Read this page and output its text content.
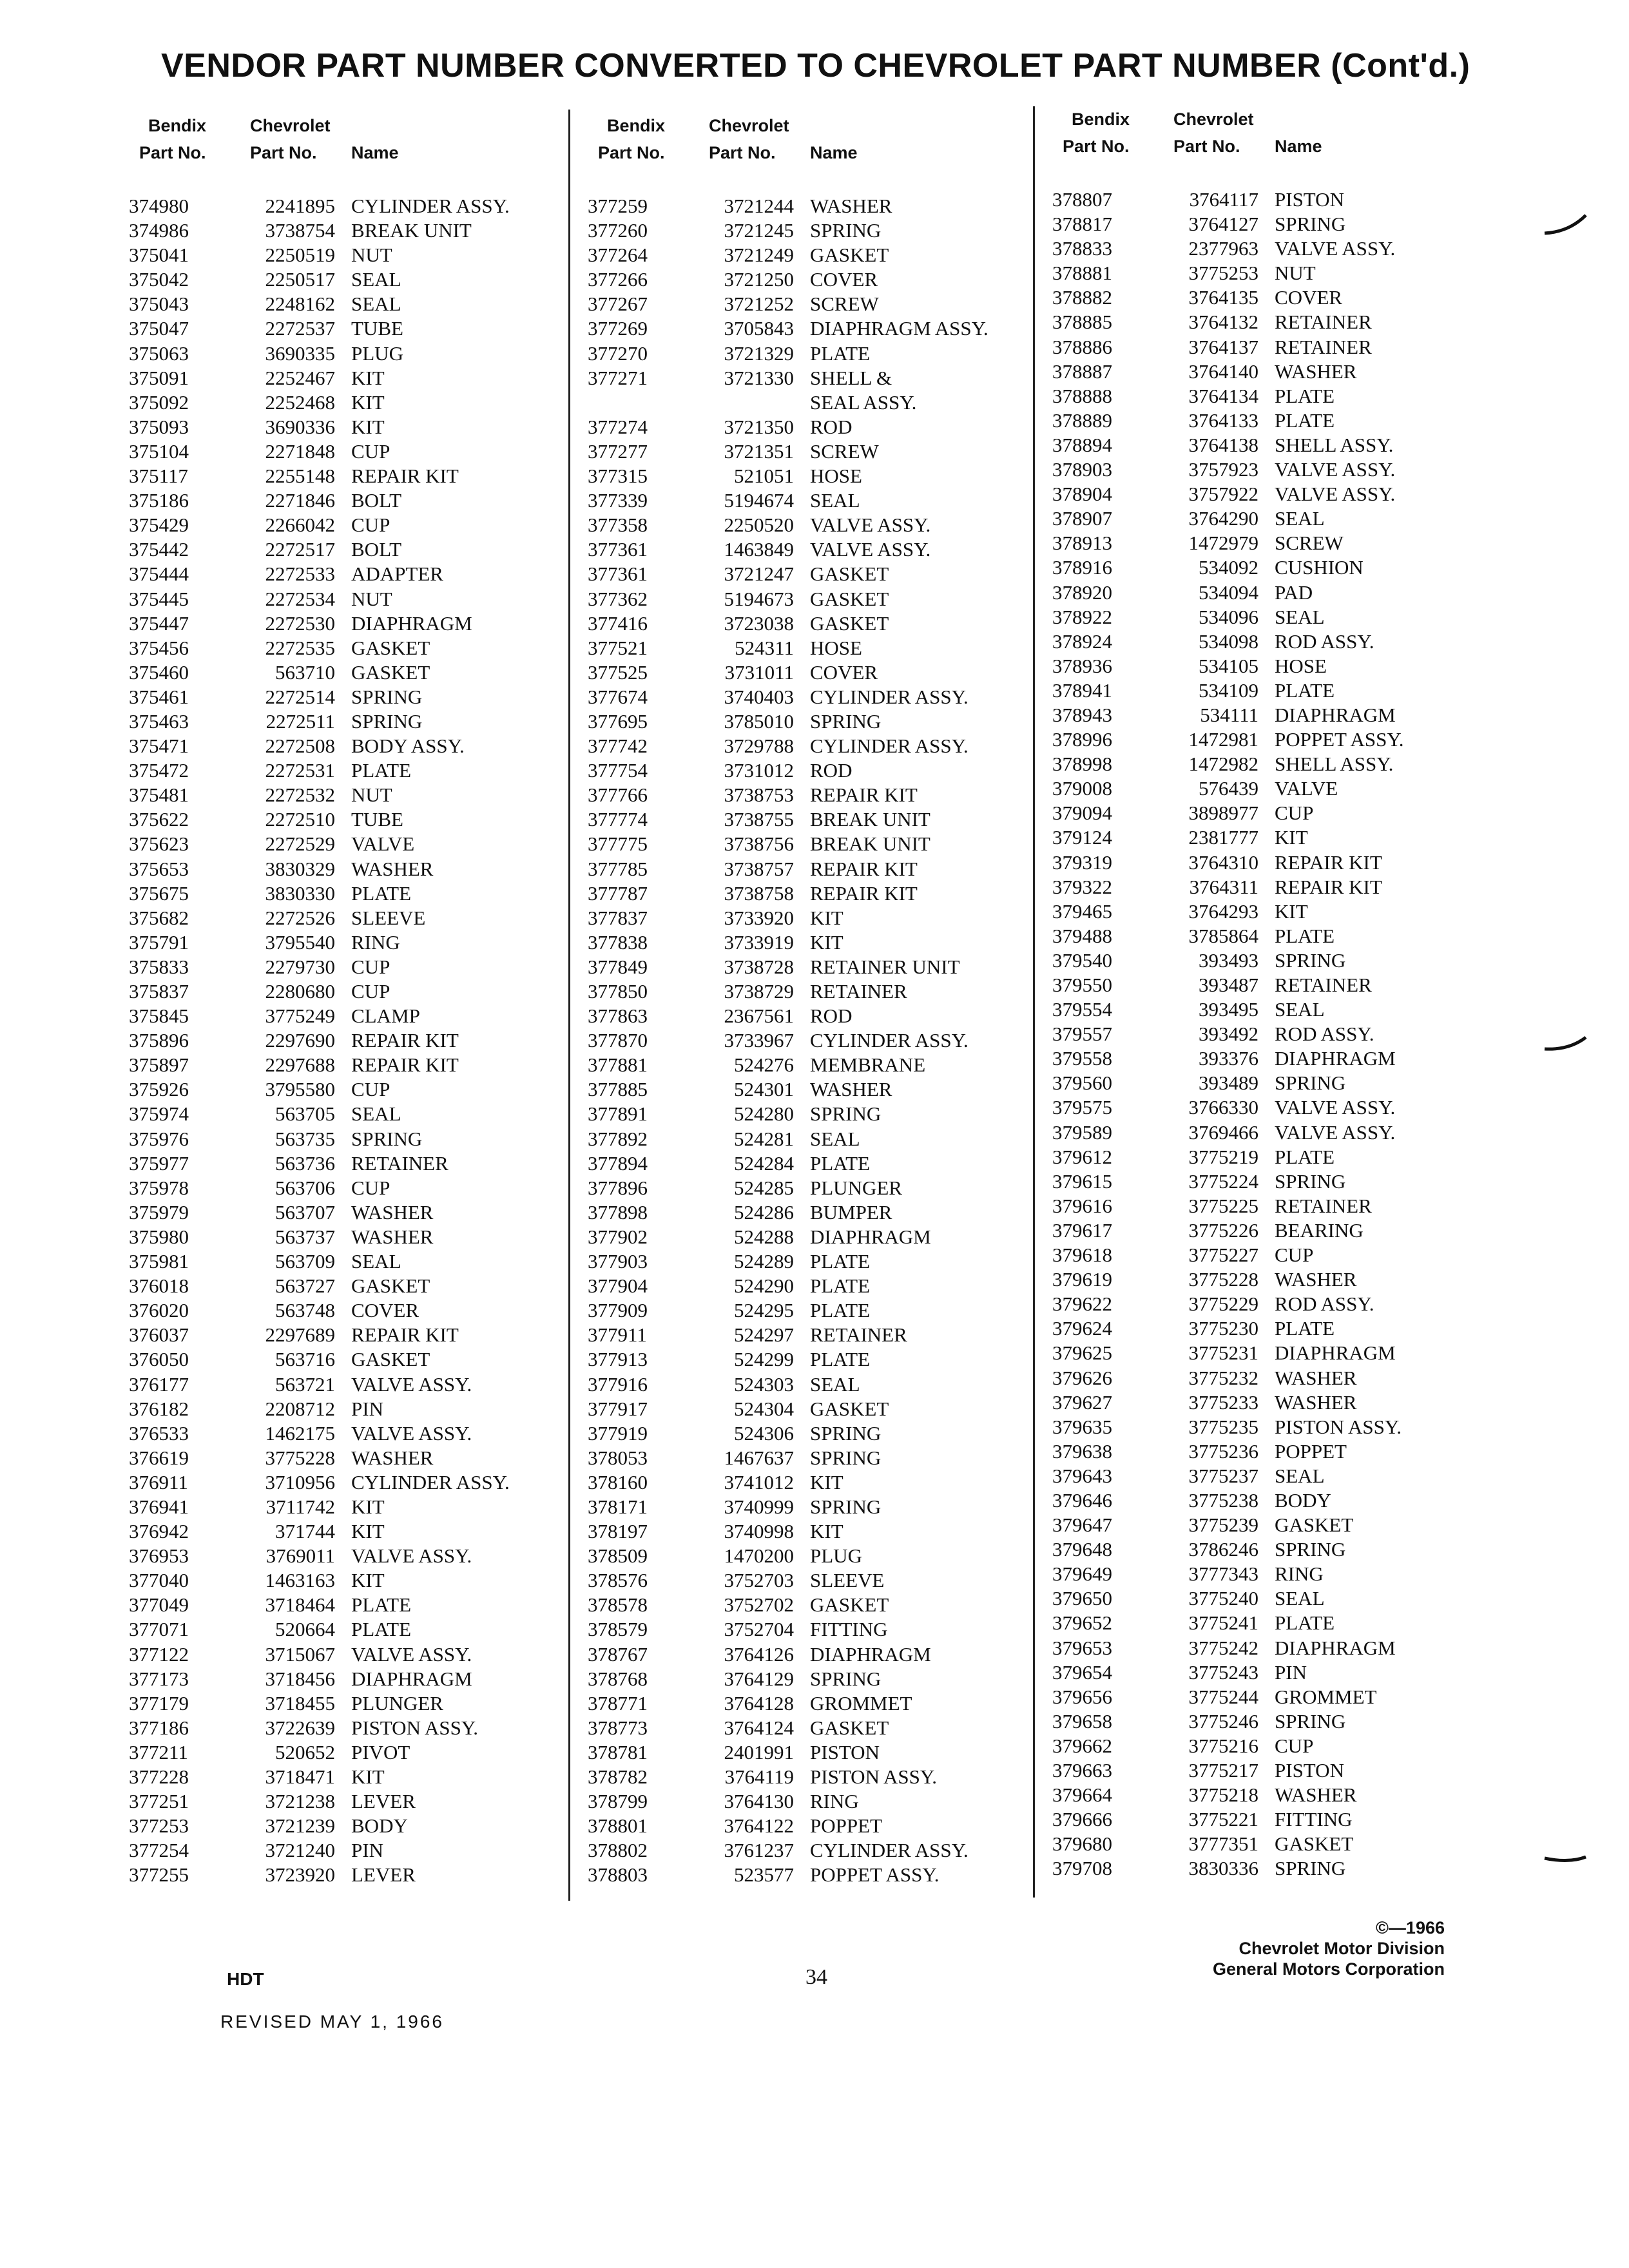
VENDOR PART NUMBER CONVERTED TO CHEVROLET PART NUMBER (Cont'd.)
Bendix
Part No.
Chevrolet
Part No. Name
374980	2241895 CYLINDER ASSY.
374986	3738754 BREAK UNIT
375041	2250519 NUT
375042	2250517 SEAL
375043	2248162 SEAL
375047	2272537 TUBE
375063	3690335 PLUG
375091	2252467 KIT
375092	2252468 KIT
375093	3690336 KIT
375104	2271848 CUP
375117	2255148 REPAIR KIT
375186	2271846 BOLT
375429	2266042 CUP
375442	2272517 BOLT
375444	2272533 ADAPTER
375445	2272534 NUT
375447	2272530 DIAPHRAGM
375456	2272535 GASKET
375460	563710 GASKET
375461	2272514 SPRING
375463	2272511 SPRING
375471	2272508 BODY ASSY.
375472	2272531 PLATE
375481	2272532 NUT
375622	2272510 TUBE
375623	2272529 VALVE
375653	3830329 WASHER
375675	3830330 PLATE
375682	2272526 SLEEVE
375791	3795540 RING
375833	2279730 CUP
375837	2280680 CUP
375845	3775249 CLAMP
375896	2297690 REPAIR KIT
375897	2297688 REPAIR KIT
375926	3795580 CUP
375974	563705 SEAL
375976	563735 SPRING
375977	563736 RETAINER
375978	563706 CUP
375979	563707 WASHER
375980	563737 WASHER
375981	563709 SEAL
376018	563727 GASKET
376020	563748 COVER
376037	2297689 REPAIR KIT
376050	563716 GASKET
376177	563721 VALVE ASSY.
376182	2208712 PIN
376533	1462175 VALVE ASSY.
376619	3775228 WASHER
376911	3710956 CYLINDER ASSY.
376941	3711742 KIT
376942	371744 KIT
376953	3769011 VALVE ASSY.
377040	1463163 KIT
377049	3718464 PLATE
377071	520664 PLATE
377122	3715067 VALVE ASSY.
377173	3718456 DIAPHRAGM
377179	3718455 PLUNGER
377186	3722639 PISTON ASSY.
377211	520652 PIVOT
377228	3718471 KIT
377251	3721238 LEVER
377253	3721239 BODY
377254	3721240 PIN
377255	3723920 LEVER
Bendix
Part No.
Chevrolet
Part No. Name
377259	3721244 WASHER
377260	3721245 SPRING
377264	3721249 GASKET
377266	3721250 COVER
377267	3721252 SCREW
377269	3705843 DIAPHRAGM ASSY.
377270	3721329 PLATE
377271	3721330 SHELL &
SEAL ASSY.
377274	3721350 ROD
377277	3721351 SCREW
377315	521051 HOSE
377339	5194674 SEAL
377358	2250520 VALVE ASSY.
377361	1463849 VALVE ASSY.
377361	3721247 GASKET
377362	5194673 GASKET
377416	3723038 GASKET
377521	524311 HOSE
377525	3731011 COVER
377674	3740403 CYLINDER ASSY.
377695	3785010 SPRING
377742	3729788 CYLINDER ASSY.
377754	3731012 ROD
377766	3738753 REPAIR KIT
377774	3738755 BREAK UNIT
377775	3738756 BREAK UNIT
377785	3738757 REPAIR KIT
377787	3738758 REPAIR KIT
377837	3733920 KIT
377838	3733919 KIT
377849	3738728 RETAINER UNIT
377850	3738729 RETAINER
377863	2367561 ROD
377870	3733967 CYLINDER ASSY.
377881	524276 MEMBRANE
377885	524301 WASHER
377891	524280 SPRING
377892	524281 SEAL
377894	524284 PLATE
377896	524285 PLUNGER
377898	524286 BUMPER
377902	524288 DIAPHRAGM
377903	524289 PLATE
377904	524290 PLATE
377909	524295 PLATE
377911	524297 RETAINER
377913	524299 PLATE
377916	524303 SEAL
377917	524304 GASKET
377919	524306 SPRING
378053	1467637 SPRING
378160	3741012 KIT
378171	3740999 SPRING
378197	3740998 KIT
378509	1470200 PLUG
378576	3752703 SLEEVE
378578	3752702 GASKET
378579	3752704 FITTING
378767	3764126 DIAPHRAGM
378768	3764129 SPRING
378771	3764128 GROMMET
378773	3764124 GASKET
378781	2401991 PISTON
378782	3764119 PISTON ASSY.
378799	3764130 RING
378801	3764122 POPPET
378802	3761237 CYLINDER ASSY.
378803	523577 POPPET ASSY.
Bendix
Part No.
Chevrolet
Part No. Name
378807	3764117 PISTON
378817	3764127 SPRING
378833	2377963 VALVE ASSY.
378881	3775253 NUT
378882	3764135 COVER
378885	3764132 RETAINER
378886	3764137 RETAINER
378887	3764140 WASHER
378888	3764134 PLATE
378889	3764133 PLATE
378894	3764138 SHELL ASSY.
378903	3757923 VALVE ASSY.
378904	3757922 VALVE ASSY.
378907	3764290 SEAL
378913	1472979 SCREW
378916	534092 CUSHION
378920	534094 PAD
378922	534096 SEAL
378924	534098 ROD ASSY.
378936	534105 HOSE
378941	534109 PLATE
378943	534111 DIAPHRAGM
378996	1472981 POPPET ASSY.
378998	1472982 SHELL ASSY.
379008	576439 VALVE
379094	3898977 CUP
379124	2381777 KIT
379319	3764310 REPAIR KIT
379322	3764311 REPAIR KIT
379465	3764293 KIT
379488	3785864 PLATE
379540	393493 SPRING
379550	393487 RETAINER
379554	393495 SEAL
379557	393492 ROD ASSY.
379558	393376 DIAPHRAGM
379560	393489 SPRING
379575	3766330 VALVE ASSY.
379589	3769466 VALVE ASSY.
379612	3775219 PLATE
379615	3775224 SPRING
379616	3775225 RETAINER
379617	3775226 BEARING
379618	3775227 CUP
379619	3775228 WASHER
379622	3775229 ROD ASSY.
379624	3775230 PLATE
379625	3775231 DIAPHRAGM
379626	3775232 WASHER
379627	3775233 WASHER
379635	3775235 PISTON ASSY.
379638	3775236 POPPET
379643	3775237 SEAL
379646	3775238 BODY
379647	3775239 GASKET
379648	3786246 SPRING
379649	3777343 RING
379650	3775240 SEAL
379652	3775241 PLATE
379653	3775242 DIAPHRAGM
379654	3775243 PIN
379656	3775244 GROMMET
379658	3775246 SPRING
379662	3775216 CUP
379663	3775217 PISTON
379664	3775218 WASHER
379666	3775221 FITTING
379680	3777351 GASKET
379708	3830336 SPRING
HDT
REVISED MAY 1, 1966
34
©—1966
Chevrolet Motor Division
General Motors Corporation
